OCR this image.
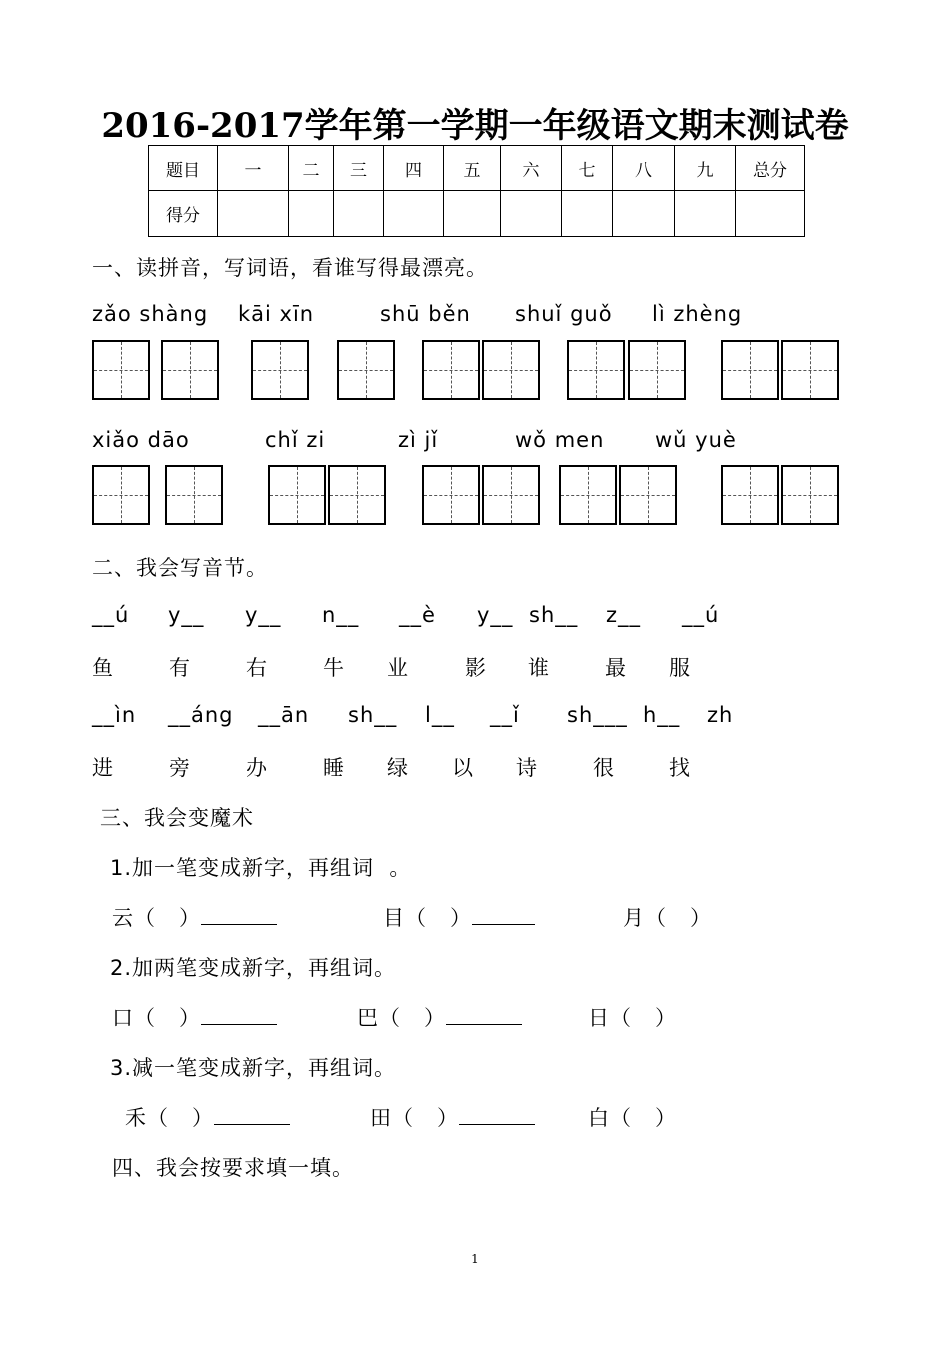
2016-2017学年第一学期一年级语文期末测试卷
题目	一	二	三	四	五	六	七	八	九	总分
得分										
一、读拼音，写词语，看谁写得最漂亮。
zǎo shàng kāi xīn	shū běn shuǐ guǒ lì zhèng
xiǎo dāo	chǐ zi	zì jǐ	wǒ men wǔ yuè
二、我会写音节。
__ú y__ y__ n__ __è y__ sh__ z__ __ú
鱼	有	右	牛 业	影 谁	最 服
__ìn __áng __ān sh__ l__ __ǐ sh___ h__ zh
进	旁	办	睡 绿 以 诗	很	找
三、我会变魔术
1.加一笔变成新字，再组词  。
云（   ）	目（   ）	月（   ）
2.加两笔变成新字，再组词。
口（   ）	巴（   ）	日（   ）
3.减一笔变成新字，再组词。
禾（   ）	田（   ）	白（   ）
四、我会按要求填一填。
1
